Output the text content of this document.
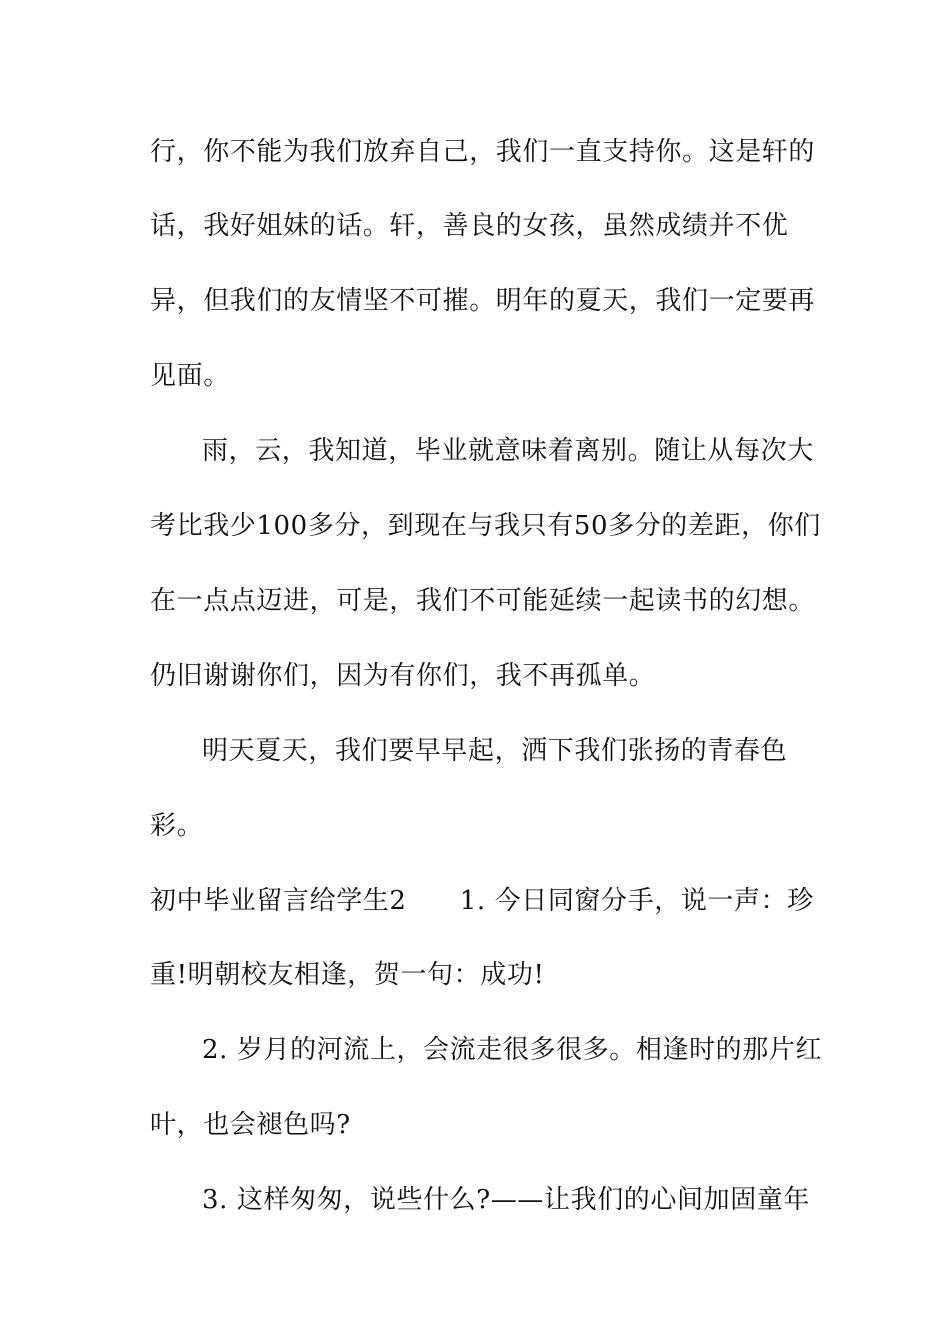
行，你不能为我们放弃自己，我们一直支持你。这是轩的
话，我好姐妹的话。轩，善良的女孩，虽然成绩并不优
异，但我们的友情坚不可摧。明年的夏天，我们一定要再
见面。
雨，云，我知道，毕业就意味着离别。随让从每次大
考比我少100多分，到现在与我只有50多分的差距，你们
在一点点迈进，可是，我们不可能延续一起读书的幻想。
仍旧谢谢你们，因为有你们，我不再孤单。
明天夏天，我们要早早起，洒下我们张扬的青春色
彩。
初中毕业留言给学生2　　1. 今日同窗分手，说一声：珍
重!明朝校友相逢，贺一句：成功!
2. 岁月的河流上，会流走很多很多。相逢时的那片红
叶，也会褪色吗?
3. 这样匆匆，说些什么?——让我们的心间加固童年
